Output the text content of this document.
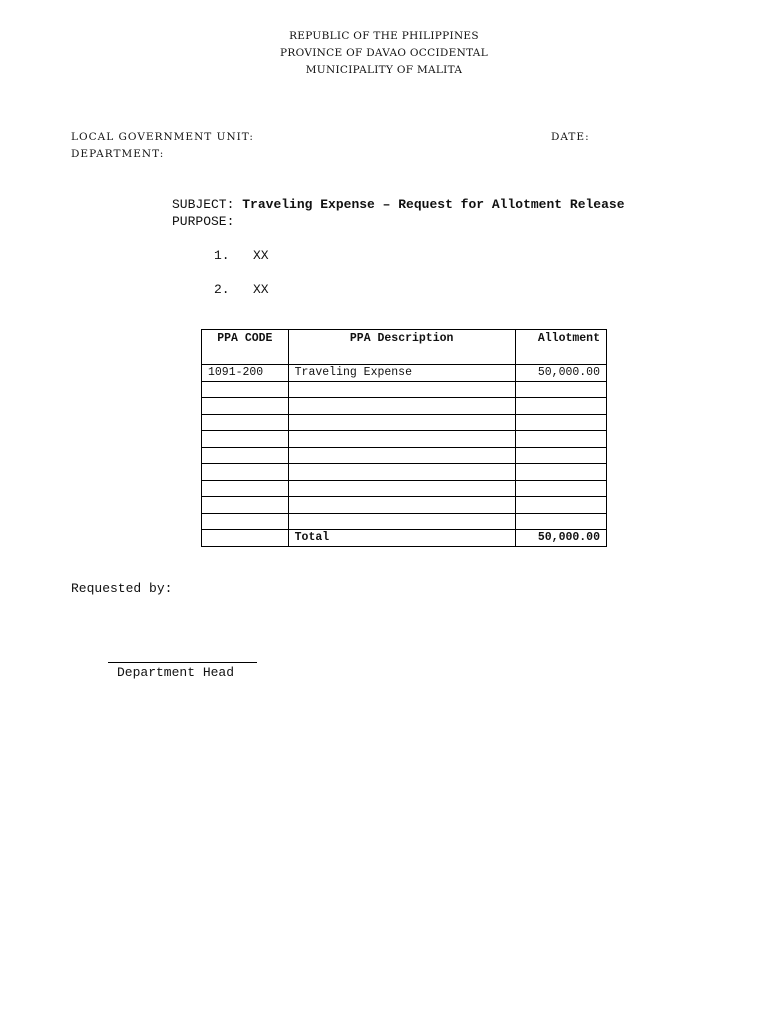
REPUBLIC OF THE PHILIPPINES
PROVINCE OF DAVAO OCCIDENTAL
MUNICIPALITY OF MALITA
LOCAL GOVERNMENT UNIT:
DEPARTMENT:
DATE:
SUBJECT: Traveling Expense – Request for Allotment Release
PURPOSE:
1. XX
2. XX
PPA CODE	PPA Description	Allotment
1091-200	Traveling Expense	50,000.00

	Total	50,000.00
Requested by:
Department Head
